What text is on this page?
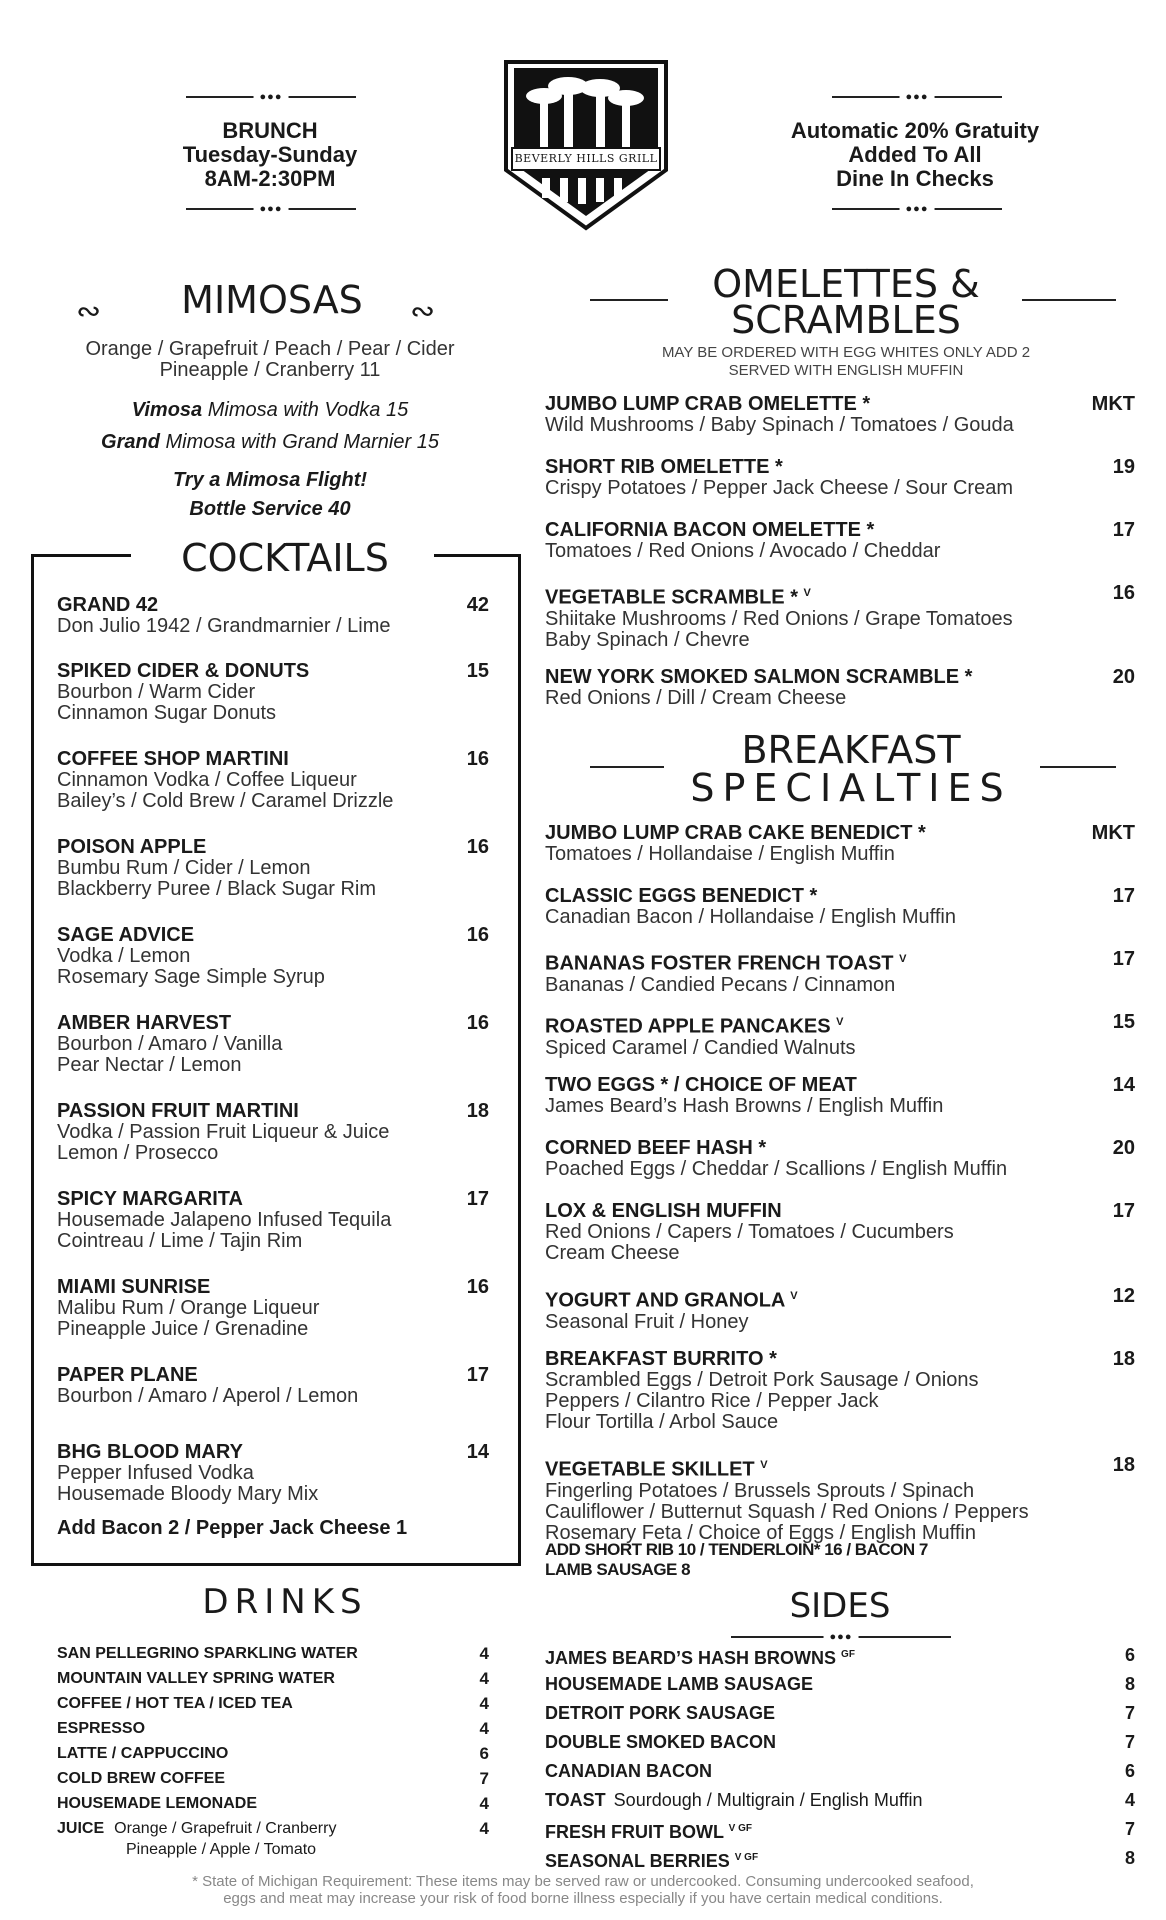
●●●
BRUNCH
Tuesday-Sunday
8AM-2:30PM
●●●
BEVERLY HILLS GRILL
●●●
Automatic 20% Gratuity
Added To All
Dine In Checks
●●●
∾	MIMOSAS	∾
Orange / Grapefruit / Peach / Pear / Cider
Pineapple / Cranberry 11
Vimosa Mimosa with Vodka 15
Grand Mimosa with Grand Marnier 15
Try a Mimosa Flight!
Bottle Service 40
COCKTAILS
GRAND 42
Don Julio 1942 / Grandmarnier / Lime
42
SPIKED CIDER & DONUTS
Bourbon / Warm Cider
Cinnamon Sugar Donuts
15
COFFEE SHOP MARTINI
Cinnamon Vodka / Coffee Liqueur
Bailey’s / Cold Brew / Caramel Drizzle
16
POISON APPLE
Bumbu Rum / Cider / Lemon
Blackberry Puree / Black Sugar Rim
16
SAGE ADVICE
Vodka / Lemon
Rosemary Sage Simple Syrup
16
AMBER HARVEST
Bourbon / Amaro / Vanilla
Pear Nectar / Lemon
16
PASSION FRUIT MARTINI
Vodka / Passion Fruit Liqueur & Juice
Lemon / Prosecco
18
SPICY MARGARITA
Housemade Jalapeno Infused Tequila
Cointreau / Lime / Tajin Rim
17
MIAMI SUNRISE
Malibu Rum / Orange Liqueur
Pineapple Juice / Grenadine
16
PAPER PLANE
Bourbon / Amaro / Aperol / Lemon
17
BHG BLOOD MARY
Pepper Infused Vodka
Housemade Bloody Mary Mix
14
Add Bacon 2 / Pepper Jack Cheese 1
DRINKS
SAN PELLEGRINO SPARKLING WATER	4
MOUNTAIN VALLEY SPRING WATER	4
COFFEE / HOT TEA / ICED TEA	4
ESPRESSO	4
LATTE / CAPPUCCINO	6
COLD BREW COFFEE	7
HOUSEMADE LEMONADE	4
JUICE Orange / Grapefruit / Cranberry	4
Pineapple / Apple / Tomato
OMELETTES &
SCRAMBLES
MAY BE ORDERED WITH EGG WHITES ONLY ADD 2
SERVED WITH ENGLISH MUFFIN
JUMBO LUMP CRAB OMELETTE *
Wild Mushrooms / Baby Spinach / Tomatoes / Gouda
MKT
SHORT RIB OMELETTE *
Crispy Potatoes / Pepper Jack Cheese / Sour Cream
19
CALIFORNIA BACON OMELETTE *
Tomatoes / Red Onions / Avocado / Cheddar
17
VEGETABLE SCRAMBLE * $^V$
Shiitake Mushrooms / Red Onions / Grape Tomatoes
Baby Spinach / Chevre
16
NEW YORK SMOKED SALMON SCRAMBLE *
Red Onions / Dill / Cream Cheese
20
BREAKFAST
SPECIALTIES
JUMBO LUMP CRAB CAKE BENEDICT *
Tomatoes / Hollandaise / English Muffin
MKT
CLASSIC EGGS BENEDICT *
Canadian Bacon / Hollandaise / English Muffin
17
BANANAS FOSTER FRENCH TOAST $^V$
Bananas / Candied Pecans / Cinnamon
17
ROASTED APPLE PANCAKES $^V$
Spiced Caramel / Candied Walnuts
15
TWO EGGS * / CHOICE OF MEAT
James Beard’s Hash Browns / English Muffin
14
CORNED BEEF HASH *
Poached Eggs / Cheddar / Scallions / English Muffin
20
LOX & ENGLISH MUFFIN
Red Onions / Capers / Tomatoes / Cucumbers
Cream Cheese
17
YOGURT AND GRANOLA $^V$
Seasonal Fruit / Honey
12
BREAKFAST BURRITO *
Scrambled Eggs / Detroit Pork Sausage / Onions
Peppers / Cilantro Rice / Pepper Jack
Flour Tortilla / Arbol Sauce
18
VEGETABLE SKILLET $^V$
Fingerling Potatoes / Brussels Sprouts / Spinach
Cauliflower / Butternut Squash / Red Onions / Peppers
Rosemary Feta / Choice of Eggs / English Muffin
18
ADD SHORT RIB 10 / TENDERLOIN* 16 / BACON 7
LAMB SAUSAGE 8
SIDES
●●●
JAMES BEARD’S HASH BROWNS $^{GF}$	6
HOUSEMADE LAMB SAUSAGE	8
DETROIT PORK SAUSAGE	7
DOUBLE SMOKED BACON	7
CANADIAN BACON	6
TOAST Sourdough / Multigrain / English Muffin	4
FRESH FRUIT BOWL $^{V GF}$	7
SEASONAL BERRIES $^{V GF}$	8
* State of Michigan Requirement: These items may be served raw or undercooked. Consuming undercooked seafood,
eggs and meat may increase your risk of food borne illness especially if you have certain medical conditions.
